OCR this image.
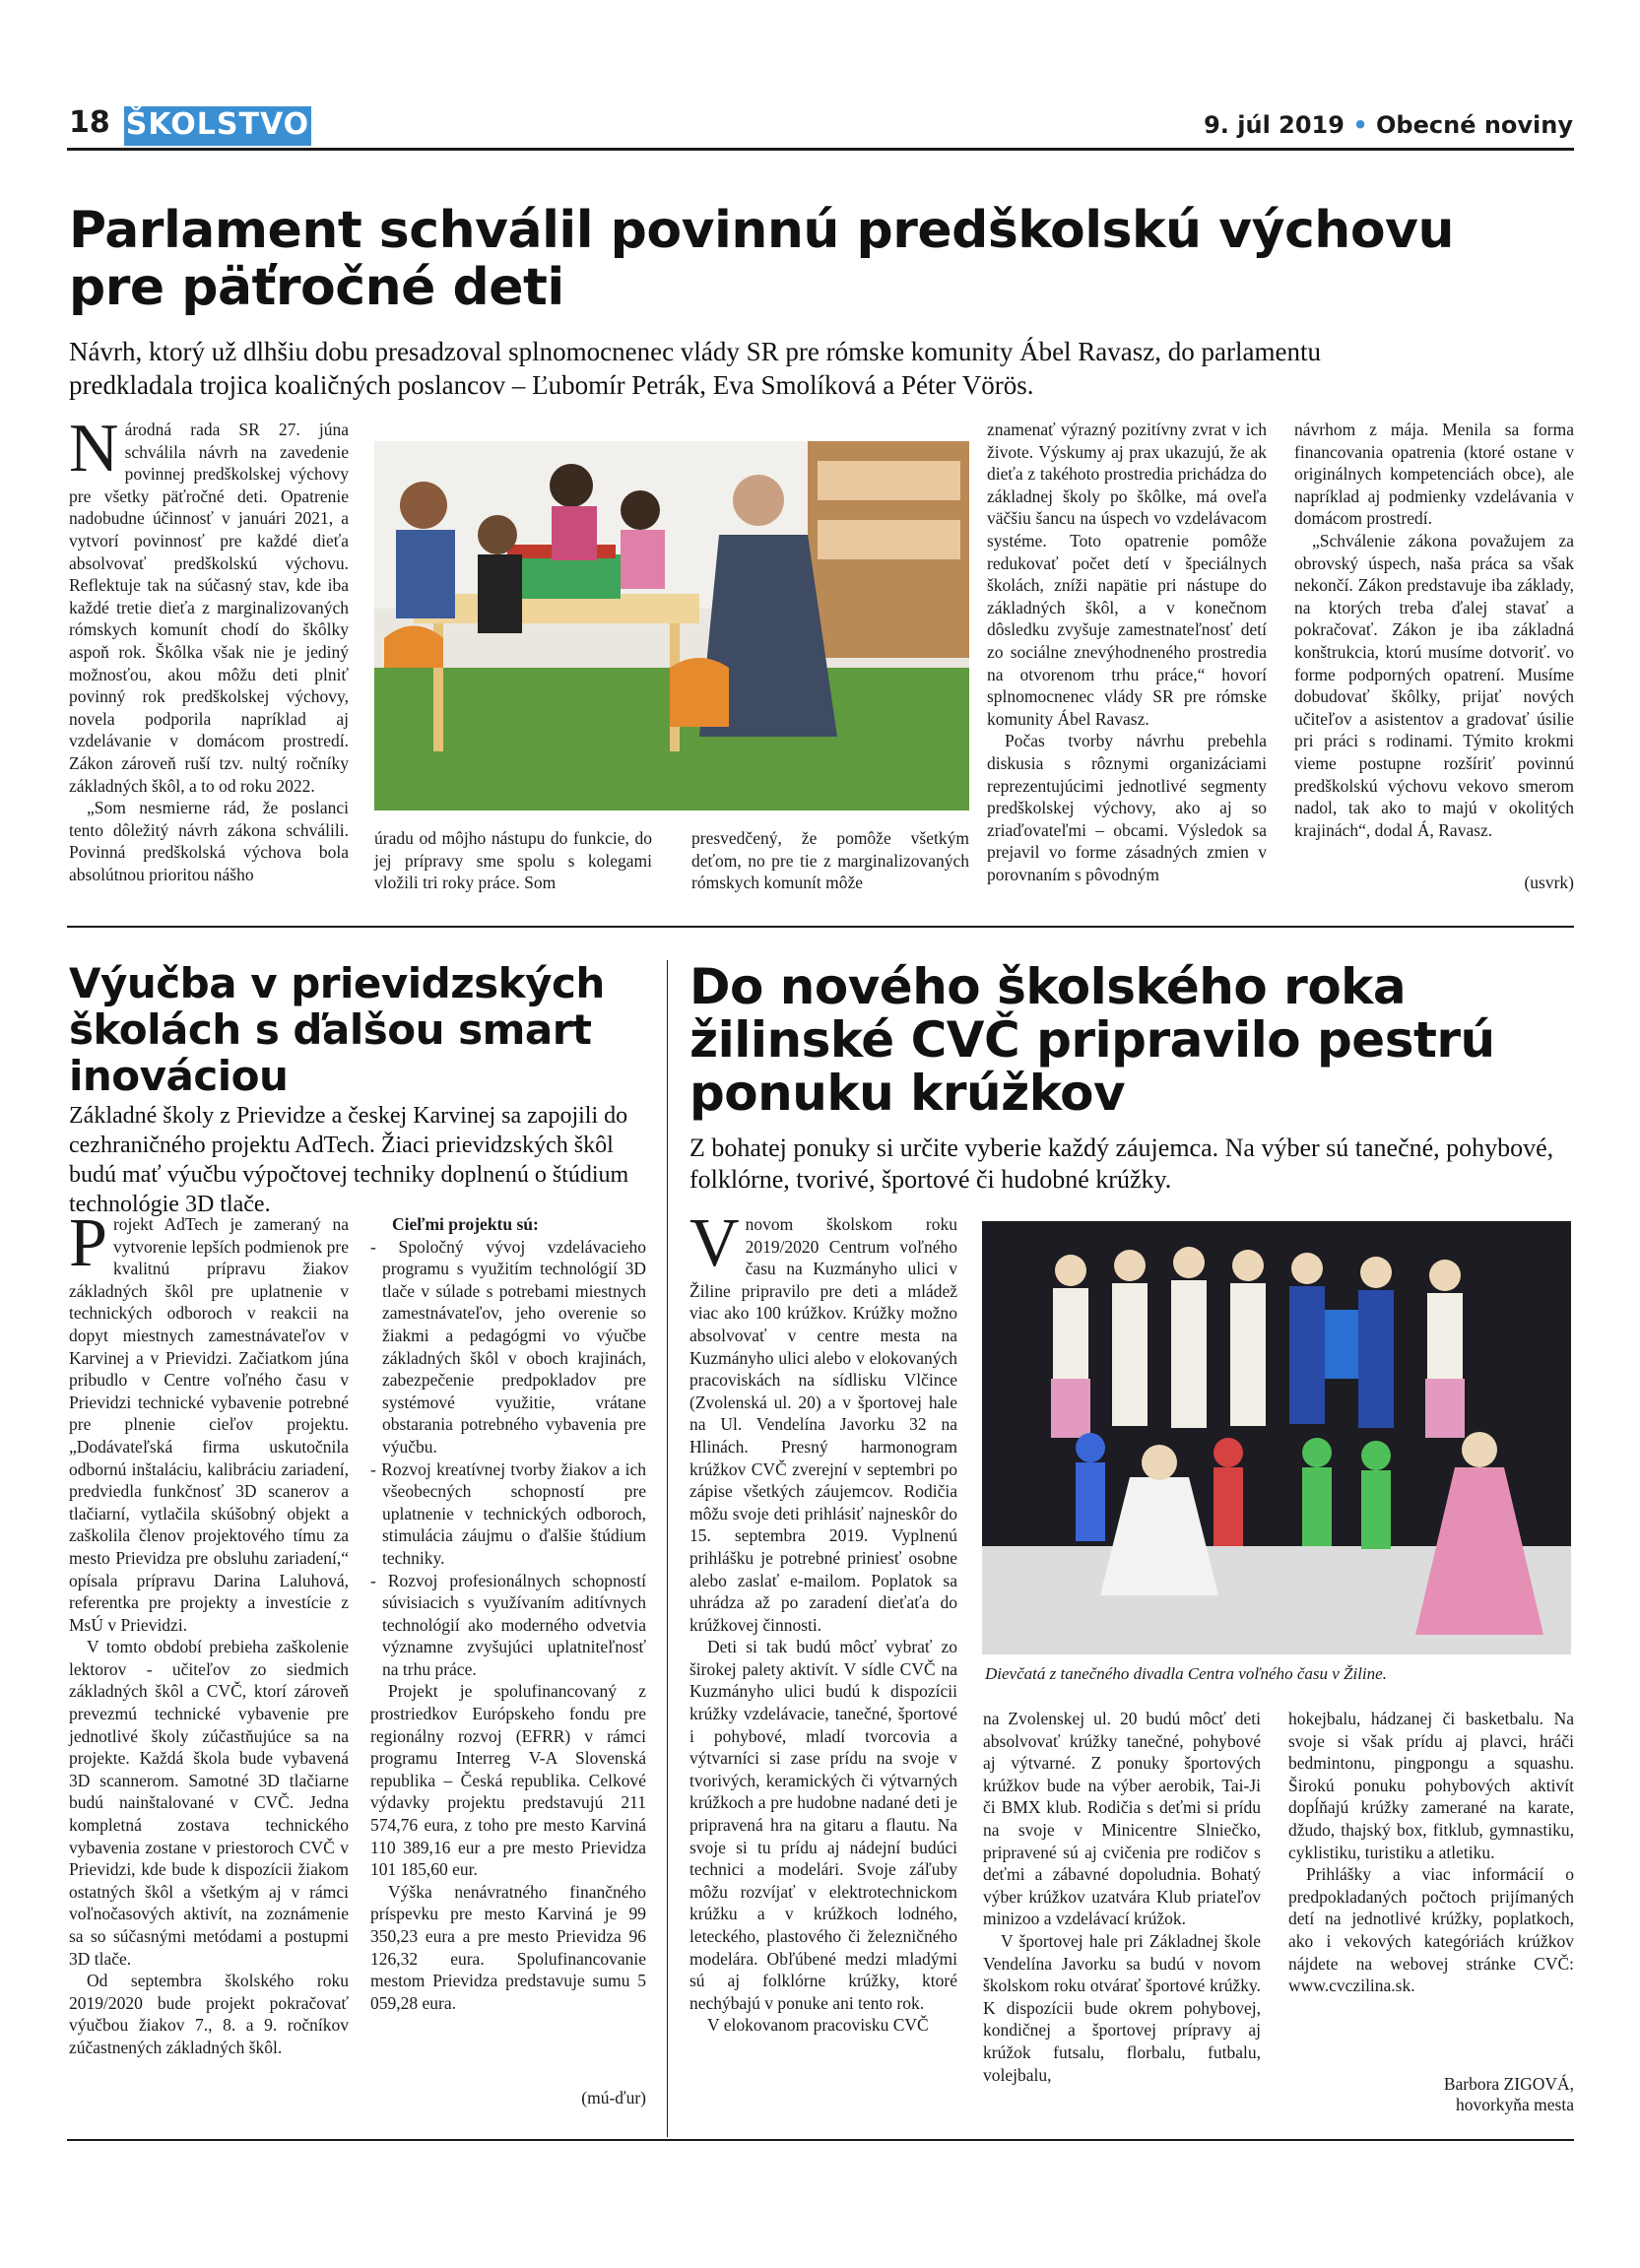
18 ŠKOLSTVO	9. júl 2019 • Obecné noviny
Parlament schválil povinnú predškolskú výchovu
pre päťročné deti
Návrh, ktorý už dlhšiu dobu presadzoval splnomocnenec vlády SR pre rómske komunity Ábel Ravasz, do parlamentu predkladala trojica koaličných poslancov – Ľubomír Petrák, Eva Smolíková a Péter Vörös.

Národná rada SR 27. júna schválila návrh na zavedenie povinnej predškolskej výchovy pre všetky päťročné deti. Opatrenie nadobudne účinnosť v januári 2021, a vytvorí povinnosť pre každé dieťa absolvovať predškolskú výchovu. Reflektuje tak na súčasný stav, kde iba každé tretie dieťa z marginalizovaných rómskych komunít chodí do škôlky aspoň rok. Škôlka však nie je jediný možnosťou, akou môžu deti plniť povinný rok predškolskej výchovy, novela podporila napríklad aj vzdelávanie v domácom prostredí. Zákon zároveň ruší tzv. nultý ročníky základných škôl, a to od roku 2022.

„Som nesmierne rád, že poslanci tento dôležitý návrh zákona schválili. Povinná predškolská výchova bola absolútnou prioritou nášho

úradu od môjho nástupu do funkcie, do jej prípravy sme spolu s kolegami vložili tri roky práce. Som
presvedčený, že pomôže všetkým deťom, no pre tie z marginalizovaných rómskych komunít môže

znamenať výrazný pozitívny zvrat v ich živote. Výskumy aj prax ukazujú, že ak dieťa z takéhoto prostredia prichádza do základnej školy po škôlke, má oveľa väčšiu šancu na úspech vo vzdelávacom systéme. Toto opatrenie pomôže redukovať počet detí v špeciálnych školách, zníži napätie pri nástupe do základných škôl, a v konečnom dôsledku zvyšuje zamestnateľnosť detí zo sociálne znevýhodneného prostredia na otvorenom trhu práce,“ hovorí splnomocnenec vlády SR pre rómske komunity Ábel Ravasz.

Počas tvorby návrhu prebehla diskusia s rôznymi organizáciami reprezentujúcimi jednotlivé segmenty predškolskej výchovy, ako aj so zriaďovateľmi – obcami. Výsledok sa prejavil vo forme zásadných zmien v porovnaním s pôvodným

návrhom z mája. Menila sa forma financovania opatrenia (ktoré ostane v originálnych kompetenciách obce), ale napríklad aj podmienky vzdelávania v domácom prostredí.

„Schválenie zákona považujem za obrovský úspech, naša práca sa však nekončí. Zákon predstavuje iba základy, na ktorých treba ďalej stavať a pokračovať. Zákon je iba základná konštrukcia, ktorú musíme dotvoriť. vo forme podporných opatrení. Musíme dobudovať škôlky, prijať nových učiteľov a asistentov a gradovať úsilie pri práci s rodinami. Týmito krokmi vieme postupne rozšíriť povinnú predškolskú výchovu vekovo smerom nadol, tak ako to majú v okolitých krajinách“, dodal Á, Ravasz.

(usvrk)
Výučba v prievidzských
školách s ďalšou smart
inováciou
Základné školy z Prievidze a českej Karvinej sa zapojili do cezhraničného projektu AdTech. Žiaci prievidzských škôl budú mať výučbu výpočtovej techniky doplnenú o štúdium technológie 3D tlače.

Projekt AdTech je zameraný na vytvorenie lepších podmienok pre kvalitnú prípravu žiakov základných škôl pre uplatnenie v technických odboroch v reakcii na dopyt miestnych zamestnávateľov v Karvinej a v Prievidzi. Začiatkom júna pribudlo v Centre voľného času v Prievidzi technické vybavenie potrebné pre plnenie cieľov projektu. „Dodávateľská firma uskutočnila odbornú inštaláciu, kalibráciu zariadení, predviedla funkčnosť 3D scanerov a tlačiarní, vytlačila skúšobný objekt a zaškolila členov projektového tímu za mesto Prievidza pre obsluhu zariadení,“ opísala prípravu Darina Laluhová, referentka pre projekty a investície z MsÚ v Prievidzi.

V tomto období prebieha zaškolenie lektorov - učiteľov zo siedmich základných škôl a CVČ, ktorí zároveň prevezmú technické vybavenie pre jednotlivé školy zúčastňujúce sa na projekte. Každá škola bude vybavená 3D scannerom. Samotné 3D tlačiarne budú nainštalované v CVČ. Jedna kompletná zostava technického vybavenia zostane v priestoroch CVČ v Prievidzi, kde bude k dispozícii žiakom ostatných škôl a všetkým aj v rámci voľnočasových aktivít, na zoznámenie sa so súčasnými metódami a postupmi 3D tlače.

Od septembra školského roku 2019/2020 bude projekt pokračovať výučbou žiakov 7., 8. a 9. ročníkov zúčastnených základných škôl.

Cieľmi projektu sú:

- Spoločný vývoj vzdelávacieho programu s využitím technológií 3D tlače v súlade s potrebami miestnych zamestnávateľov, jeho overenie so žiakmi a pedagógmi vo výučbe základných škôl v oboch krajinách, zabezpečenie predpokladov pre systémové využitie, vrátane obstarania potrebného vybavenia pre výučbu.

- Rozvoj kreatívnej tvorby žiakov a ich všeobecných schopností pre uplatnenie v technických odboroch, stimulácia záujmu o ďalšie štúdium techniky.

- Rozvoj profesionálnych schopností súvisiacich s využívaním aditívnych technológií ako moderného odvetvia významne zvyšujúci uplatniteľnosť na trhu práce.

Projekt je spolufinancovaný z prostriedkov Európskeho fondu pre regionálny rozvoj (EFRR) v rámci programu Interreg V-A Slovenská republika – Česká republika. Celkové výdavky projektu predstavujú 211 574,76 eura, z toho pre mesto Karviná 110 389,16 eur a pre mesto Prievidza 101 185,60 eur.

Výška nenávratného finančného príspevku pre mesto Karviná je 99 350,23 eura a pre mesto Prievidza 96 126,32 eura. Spolufinancovanie mestom Prievidza predstavuje sumu 5 059,28 eura.

(mú-ďur)
Do nového školského roka
žilinské CVČ pripravilo pestrú
ponuku krúžkov
Z bohatej ponuky si určite vyberie každý záujemca. Na výber sú tanečné, pohybové, folklórne, tvorivé, športové či hudobné krúžky.

Vnovom školskom roku 2019/2020 Centrum voľného času na Kuzmányho ulici v Žiline pripravilo pre deti a mládež viac ako 100 krúžkov. Krúžky možno absolvovať v centre mesta na Kuzmányho ulici alebo v elokovaných pracoviskách na sídlisku Vlčince (Zvolenská ul. 20) a v športovej hale na Ul. Vendelína Javorku 32 na Hlinách. Presný harmonogram krúžkov CVČ zverejní v septembri po zápise všetkých záujemcov. Rodičia môžu svoje deti prihlásiť najneskôr do 15. septembra 2019. Vyplnenú prihlášku je potrebné priniesť osobne alebo zaslať e-mailom. Poplatok sa uhrádza až po zaradení dieťaťa do krúžkovej činnosti.

Deti si tak budú môcť vybrať zo širokej palety aktivít. V sídle CVČ na Kuzmányho ulici budú k dispozícii krúžky vzdelávacie, tanečné, športové i pohybové, mladí tvorcovia a výtvarníci si zase prídu na svoje v tvorivých, keramických či výtvarných krúžkoch a pre hudobne nadané deti je pripravená hra na gitaru a flautu. Na svoje si tu prídu aj nádejní budúci technici a modelári. Svoje záľuby môžu rozvíjať v elektrotechnickom krúžku a v krúžkoch lodného, leteckého, plastového či železničného modelára. Obľúbené medzi mladými sú aj folklórne krúžky, ktoré nechýbajú v ponuke ani tento rok.

V elokovanom pracovisku CVČ

Dievčatá z tanečného divadla Centra voľného času v Žiline.

na Zvolenskej ul. 20 budú môcť deti absolvovať krúžky tanečné, pohybové aj výtvarné. Z ponuky športových krúžkov bude na výber aerobik, Tai-Ji či BMX klub. Rodičia s deťmi si prídu na svoje v Minicentre Slniečko, pripravené sú aj cvičenia pre rodičov s deťmi a zábavné dopoludnia. Bohatý výber krúžkov uzatvára Klub priateľov minizoo a vzdelávací krúžok.

V športovej hale pri Základnej škole Vendelína Javorku sa budú v novom školskom roku otvárať športové krúžky. K dispozícii bude okrem pohybovej, kondičnej a športovej prípravy aj krúžok futsalu, florbalu, futbalu, volejbalu,

hokejbalu, hádzanej či basketbalu. Na svoje si však prídu aj plavci, hráči bedmintonu, pingpongu a squashu. Širokú ponuku pohybových aktivít dopĺňajú krúžky zamerané na karate, džudo, thajský box, fitklub, gymnastiku, cyklistiku, turistiku a atletiku.

Prihlášky a viac informácií o predpokladaných počtoch prijímaných detí na jednotlivé krúžky, poplatkoch, ako i vekových kategóriách krúžkov nájdete na webovej stránke CVČ: www.cvczilina.sk.

Barbora ZIGOVÁ,
hovorkyňa mesta
